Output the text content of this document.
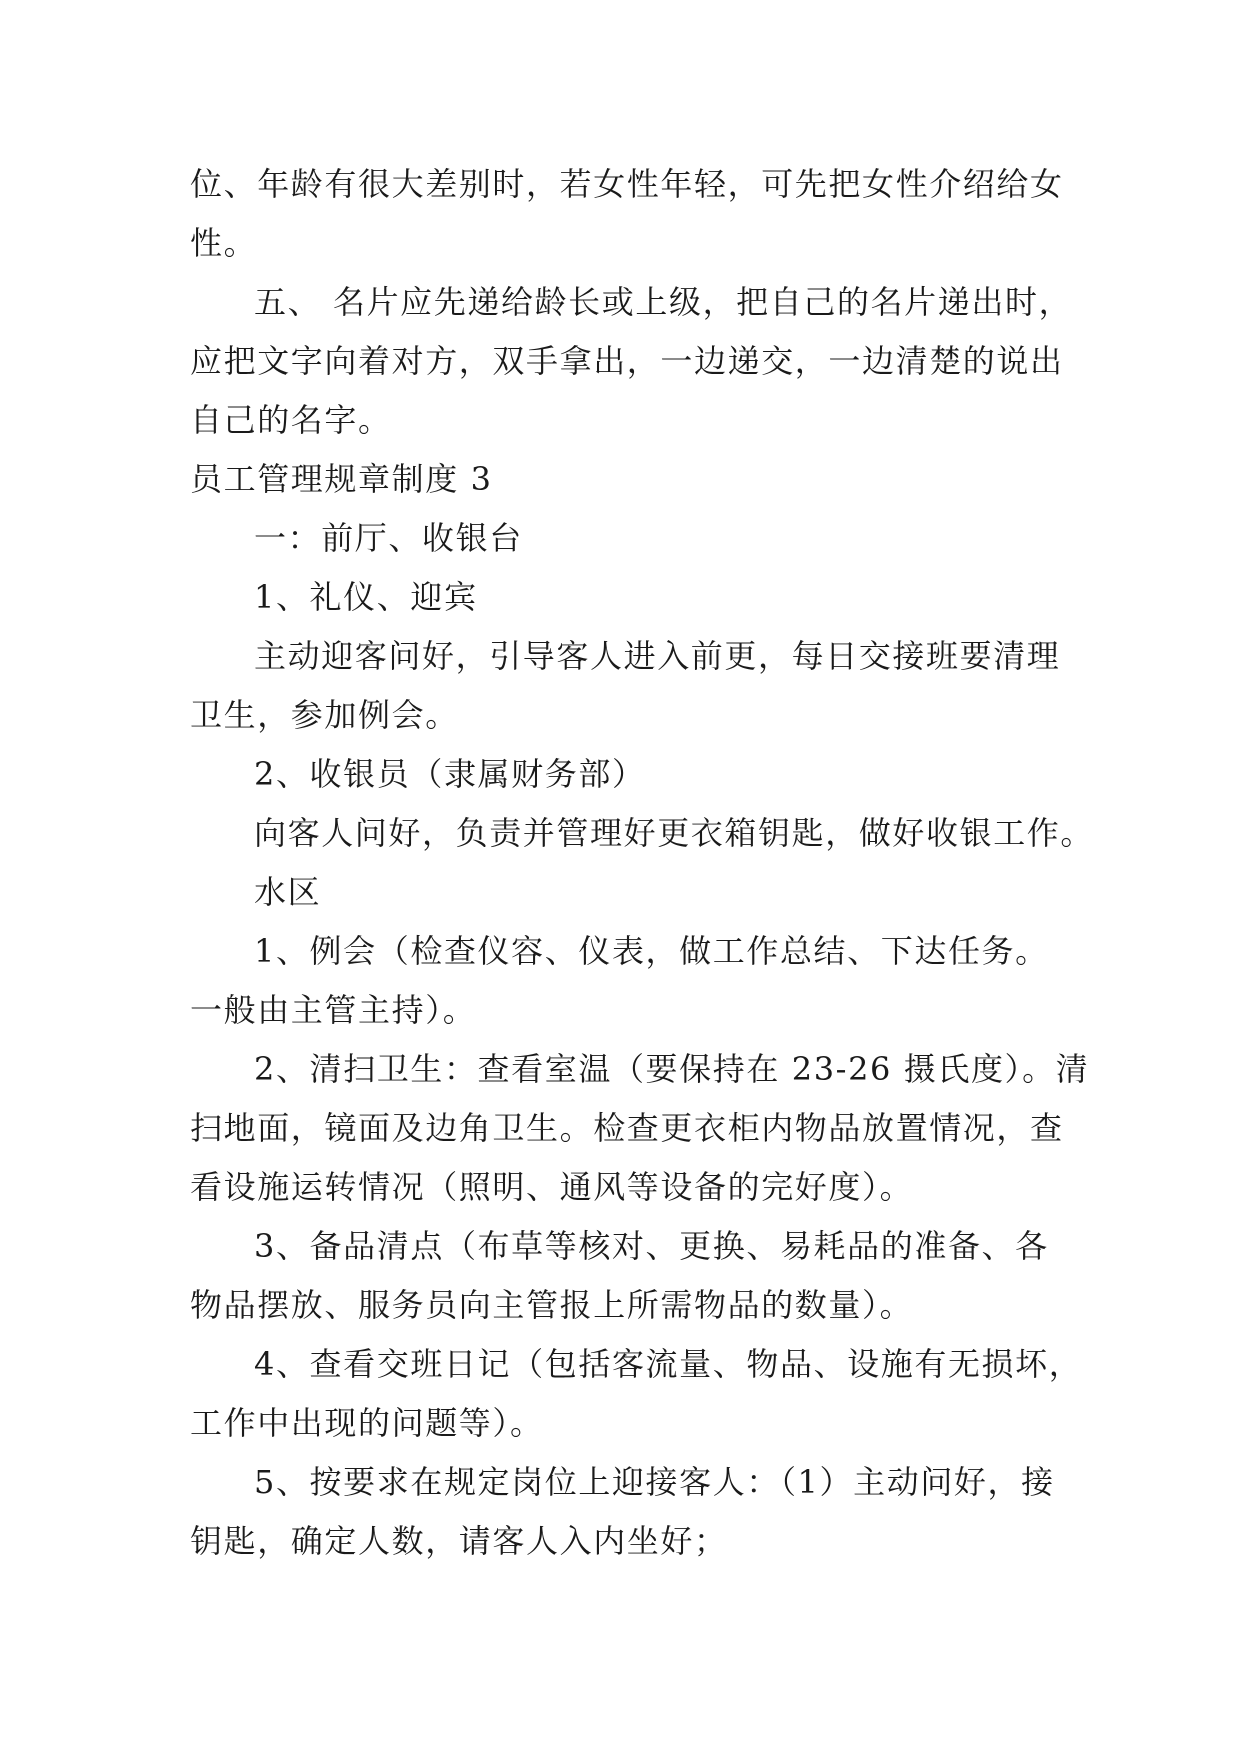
位、年龄有很大差别时，若女性年轻，可先把女性介绍给女
性。
五、 名片应先递给龄长或上级，把自己的名片递出时，
应把文字向着对方，双手拿出，一边递交，一边清楚的说出
自己的名字。
员工管理规章制度 3
一：前厅、收银台
1、礼仪、迎宾
主动迎客问好，引导客人进入前更，每日交接班要清理
卫生，参加例会。
2、收银员（隶属财务部）
向客人问好，负责并管理好更衣箱钥匙，做好收银工作。
水区
1、例会（检查仪容、仪表，做工作总结、下达任务。
一般由主管主持）。
2、清扫卫生：查看室温（要保持在 23-26 摄氏度）。清
扫地面，镜面及边角卫生。检查更衣柜内物品放置情况，查
看设施运转情况（照明、通风等设备的完好度）。
3、备品清点（布草等核对、更换、易耗品的准备、各
物品摆放、服务员向主管报上所需物品的数量）。
4、查看交班日记（包括客流量、物品、设施有无损坏，
工作中出现的问题等）。
5、按要求在规定岗位上迎接客人：（1）主动问好，接
钥匙，确定人数，请客人入内坐好；
